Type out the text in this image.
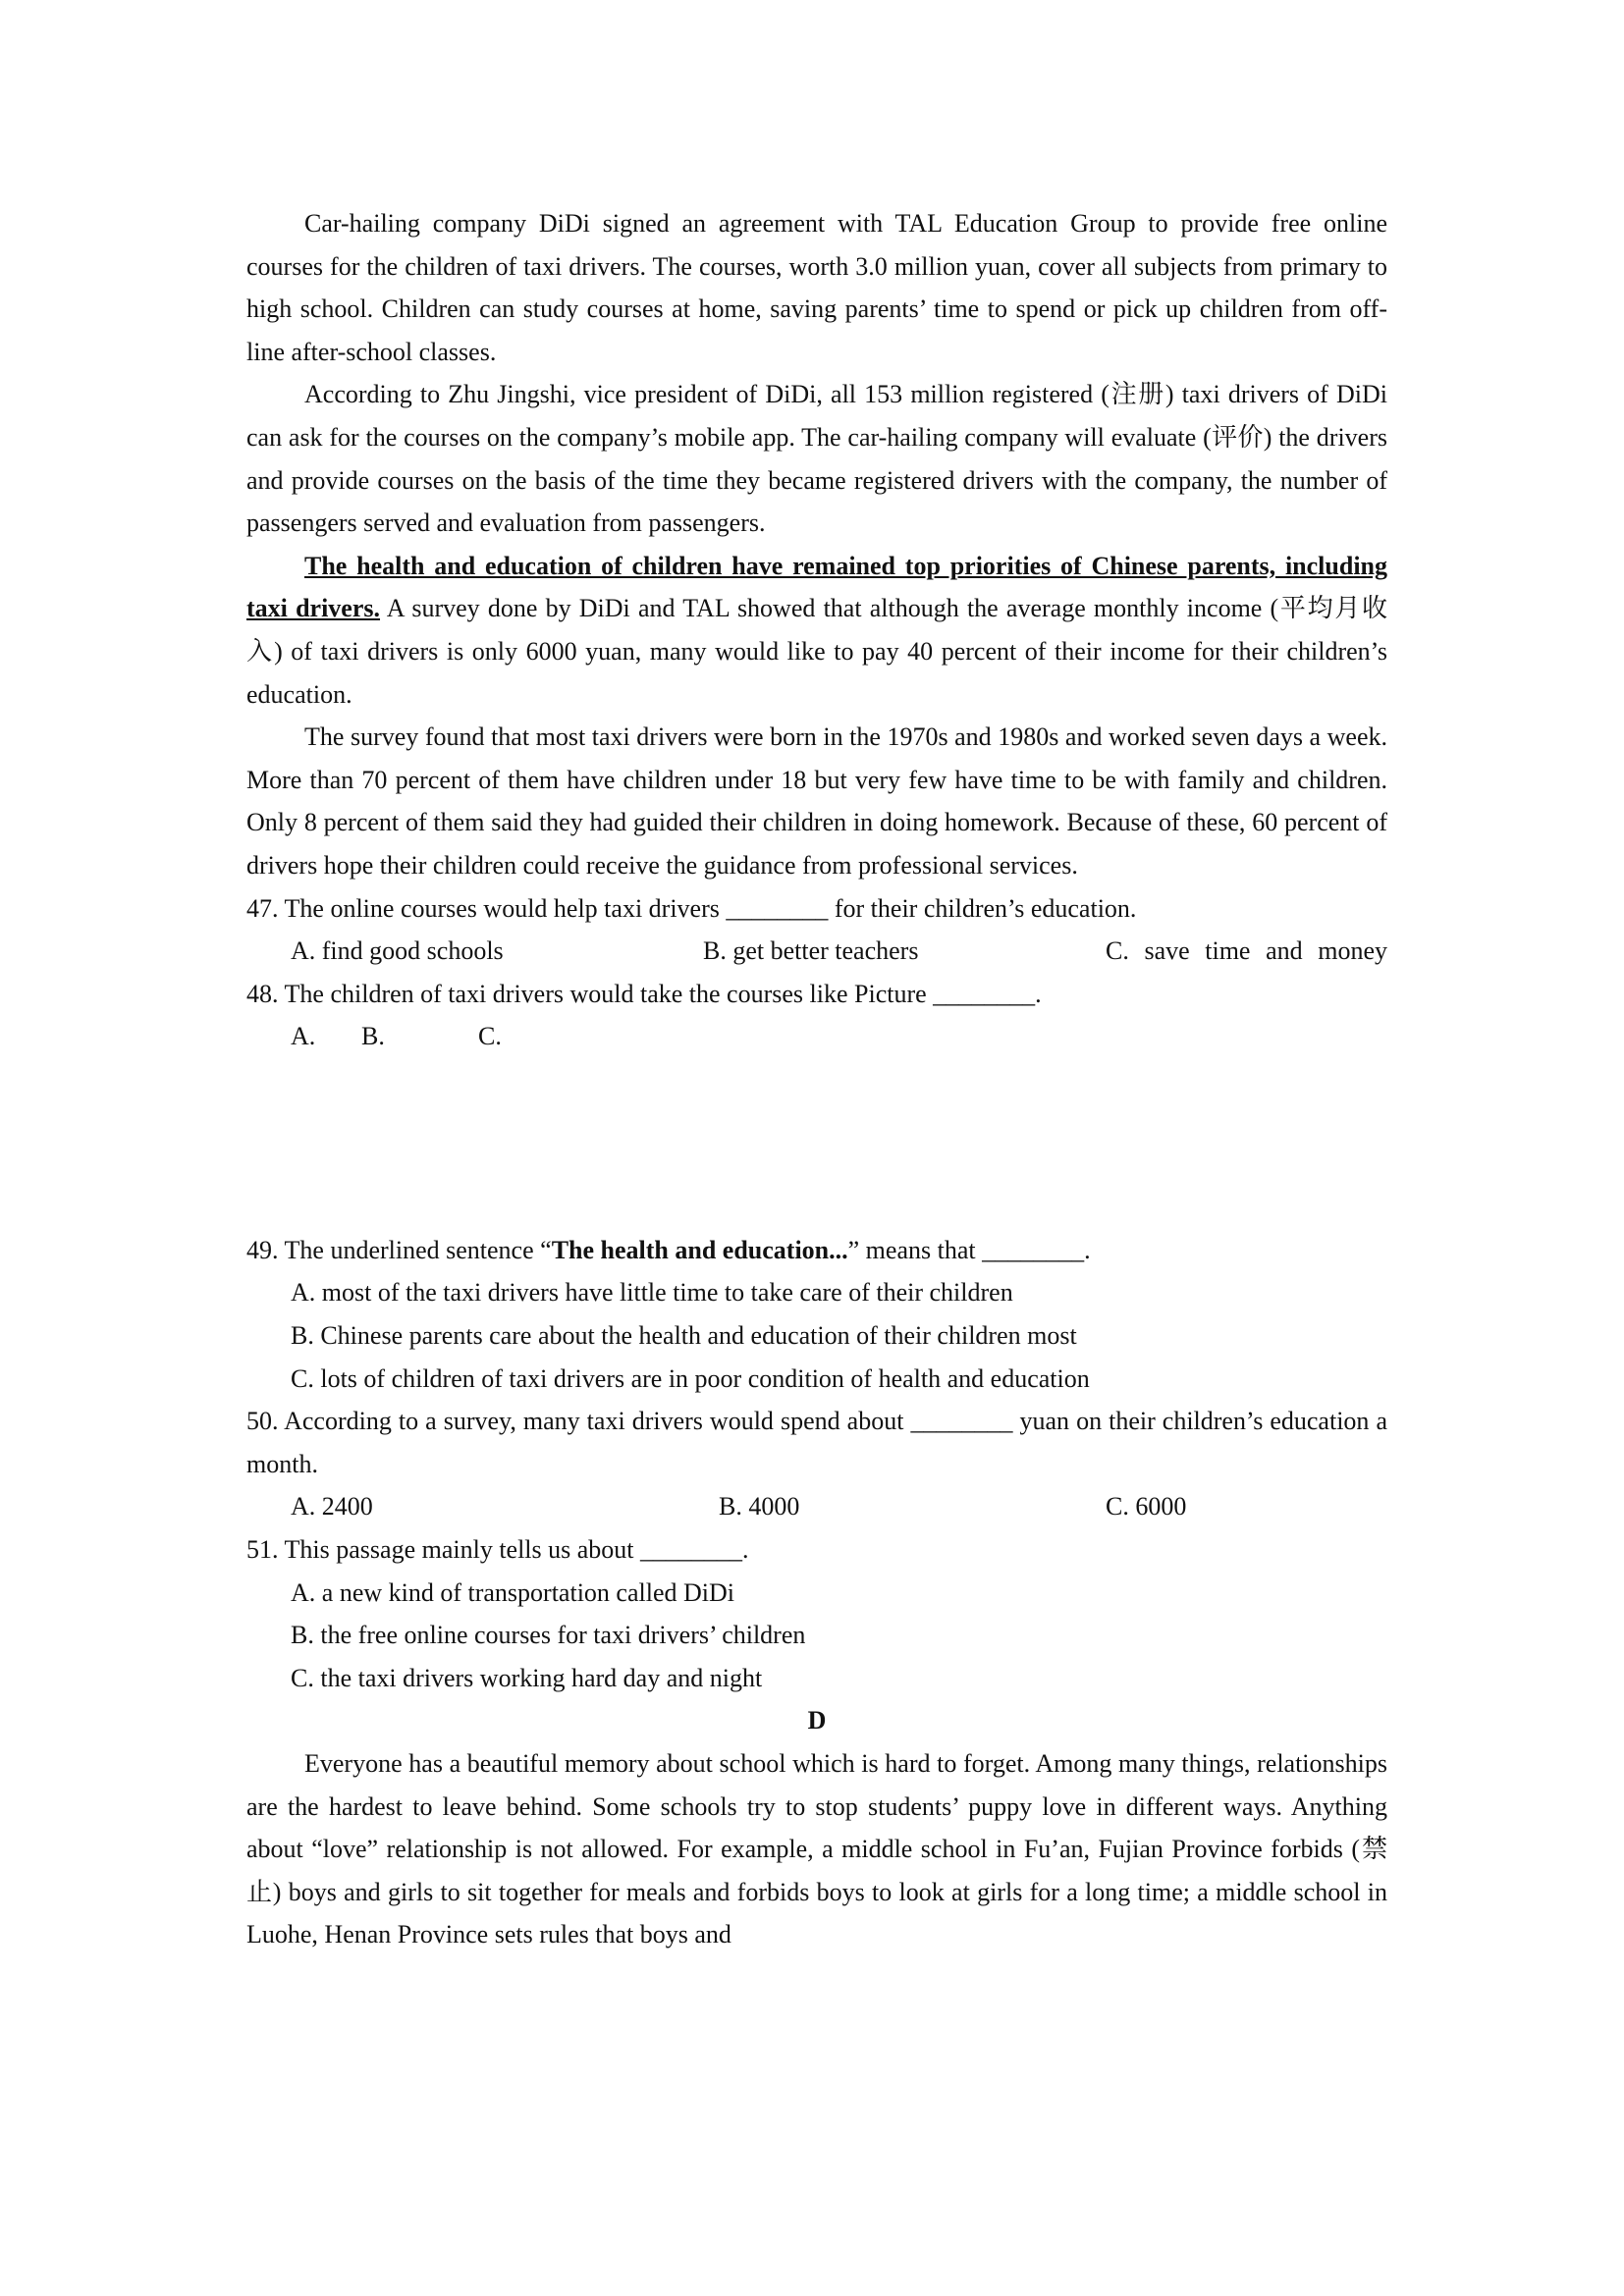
Car-hailing company DiDi signed an agreement with TAL Education Group to provide free online courses for the children of taxi drivers. The courses, worth 3.0 million yuan, cover all subjects from primary to high school. Children can study courses at home, saving parents’ time to spend or pick up children from off-line after-school classes.

According to Zhu Jingshi, vice president of DiDi, all 153 million registered (注册) taxi drivers of DiDi can ask for the courses on the company’s mobile app. The car-hailing company will evaluate (评价) the drivers and provide courses on the basis of the time they became registered drivers with the company, the number of passengers served and evaluation from passengers.

The health and education of children have remained top priorities of Chinese parents, including taxi drivers. A survey done by DiDi and TAL showed that although the average monthly income (平均月收入) of taxi drivers is only 6000 yuan, many would like to pay 40 percent of their income for their children’s education.

The survey found that most taxi drivers were born in the 1970s and 1980s and worked seven days a week. More than 70 percent of them have children under 18 but very few have time to be with family and children. Only 8 percent of them said they had guided their children in doing homework. Because of these, 60 percent of drivers hope their children could receive the guidance from professional services.

47. The online courses would help taxi drivers ________ for their children’s education.

A. find good schools	B. get better teachers	C. save time and money

48. The children of taxi drivers would take the courses like Picture ________.

A.	B.	C.

49. The underlined sentence “The health and education...” means that ________.

A. most of the taxi drivers have little time to take care of their children

B. Chinese parents care about the health and education of their children most

C. lots of children of taxi drivers are in poor condition of health and education

50. According to a survey, many taxi drivers would spend about ________ yuan on their children’s education a month.

A. 2400	B. 4000	C. 6000

51. This passage mainly tells us about ________.

A. a new kind of transportation called DiDi

B. the free online courses for taxi drivers’ children

C. the taxi drivers working hard day and night

D

Everyone has a beautiful memory about school which is hard to forget. Among many things, relationships are the hardest to leave behind. Some schools try to stop students’ puppy love in different ways. Anything about “love” relationship is not allowed. For example, a middle school in Fu’an, Fujian Province forbids (禁止) boys and girls to sit together for meals and forbids boys to look at girls for a long time; a middle school in Luohe, Henan Province sets rules that boys and
